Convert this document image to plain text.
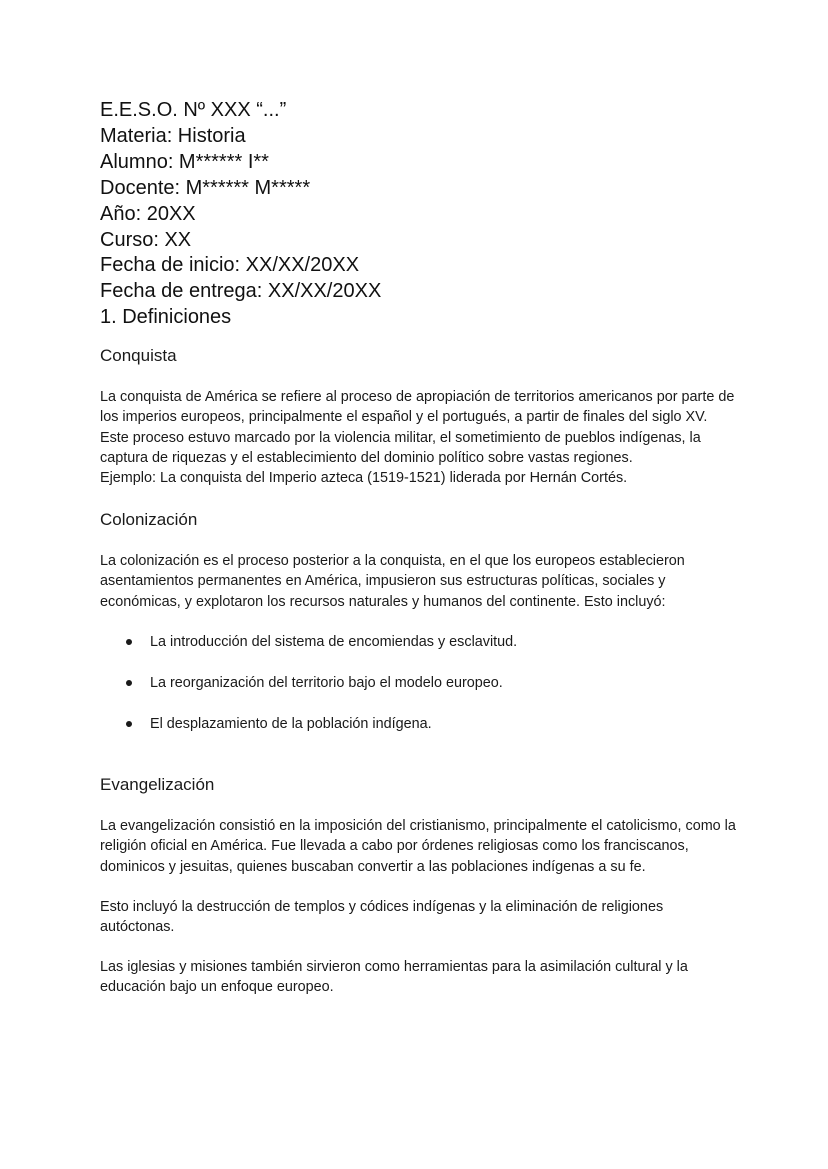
E.E.S.O. Nº XXX “...”
Materia: Historia
Alumno: M****** I**
Docente: M****** M*****
Año: 20XX
Curso: XX
Fecha de inicio: XX/XX/20XX
Fecha de entrega: XX/XX/20XX
1. Definiciones
Conquista
La conquista de América se refiere al proceso de apropiación de territorios americanos por parte de los imperios europeos, principalmente el español y el portugués, a partir de finales del siglo XV. Este proceso estuvo marcado por la violencia militar, el sometimiento de pueblos indígenas, la captura de riquezas y el establecimiento del dominio político sobre vastas regiones.
Ejemplo: La conquista del Imperio azteca (1519-1521) liderada por Hernán Cortés.
Colonización
La colonización es el proceso posterior a la conquista, en el que los europeos establecieron asentamientos permanentes en América, impusieron sus estructuras políticas, sociales y económicas, y explotaron los recursos naturales y humanos del continente. Esto incluyó:
La introducción del sistema de encomiendas y esclavitud.
La reorganización del territorio bajo el modelo europeo.
El desplazamiento de la población indígena.
Evangelización
La evangelización consistió en la imposición del cristianismo, principalmente el catolicismo, como la religión oficial en América. Fue llevada a cabo por órdenes religiosas como los franciscanos, dominicos y jesuitas, quienes buscaban convertir a las poblaciones indígenas a su fe.
Esto incluyó la destrucción de templos y códices indígenas y la eliminación de religiones autóctonas.
Las iglesias y misiones también sirvieron como herramientas para la asimilación cultural y la educación bajo un enfoque europeo.
